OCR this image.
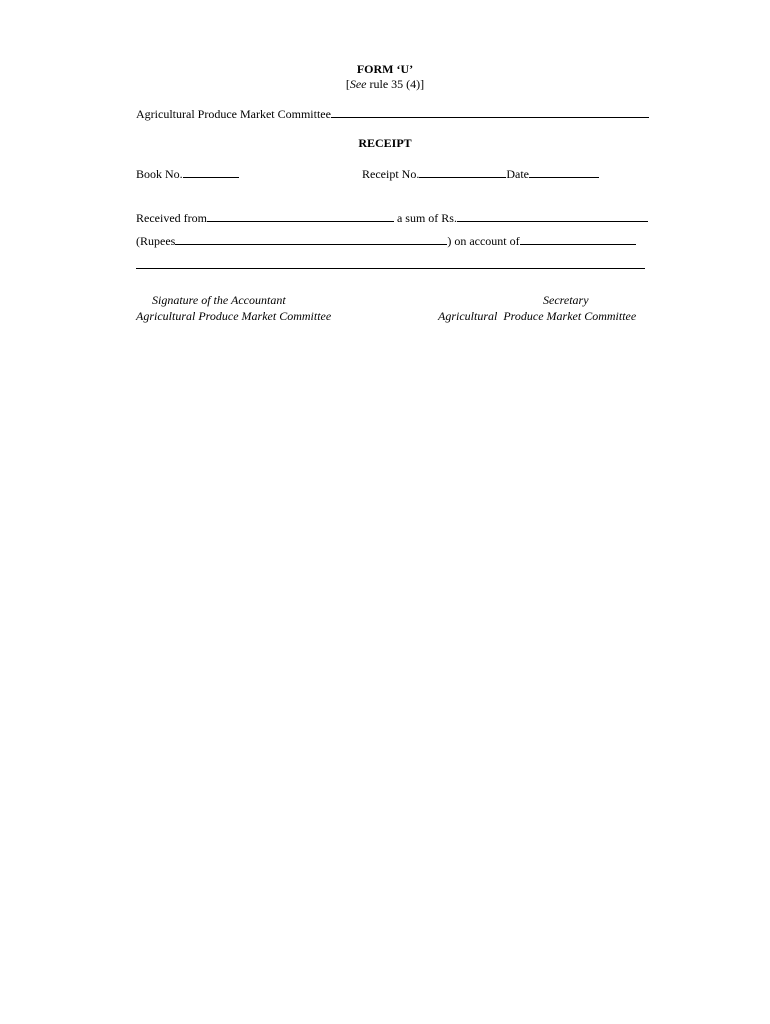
FORM ‘U’
[See rule 35 (4)]
Agricultural Produce Market Committee
RECEIPT
Book No.	Receipt No.	Date
Received from	a sum of Rs.
(Rupees	) on account of
Signature of the Accountant
Agricultural Produce Market Committee
Secretary
Agricultural  Produce Market Committee
